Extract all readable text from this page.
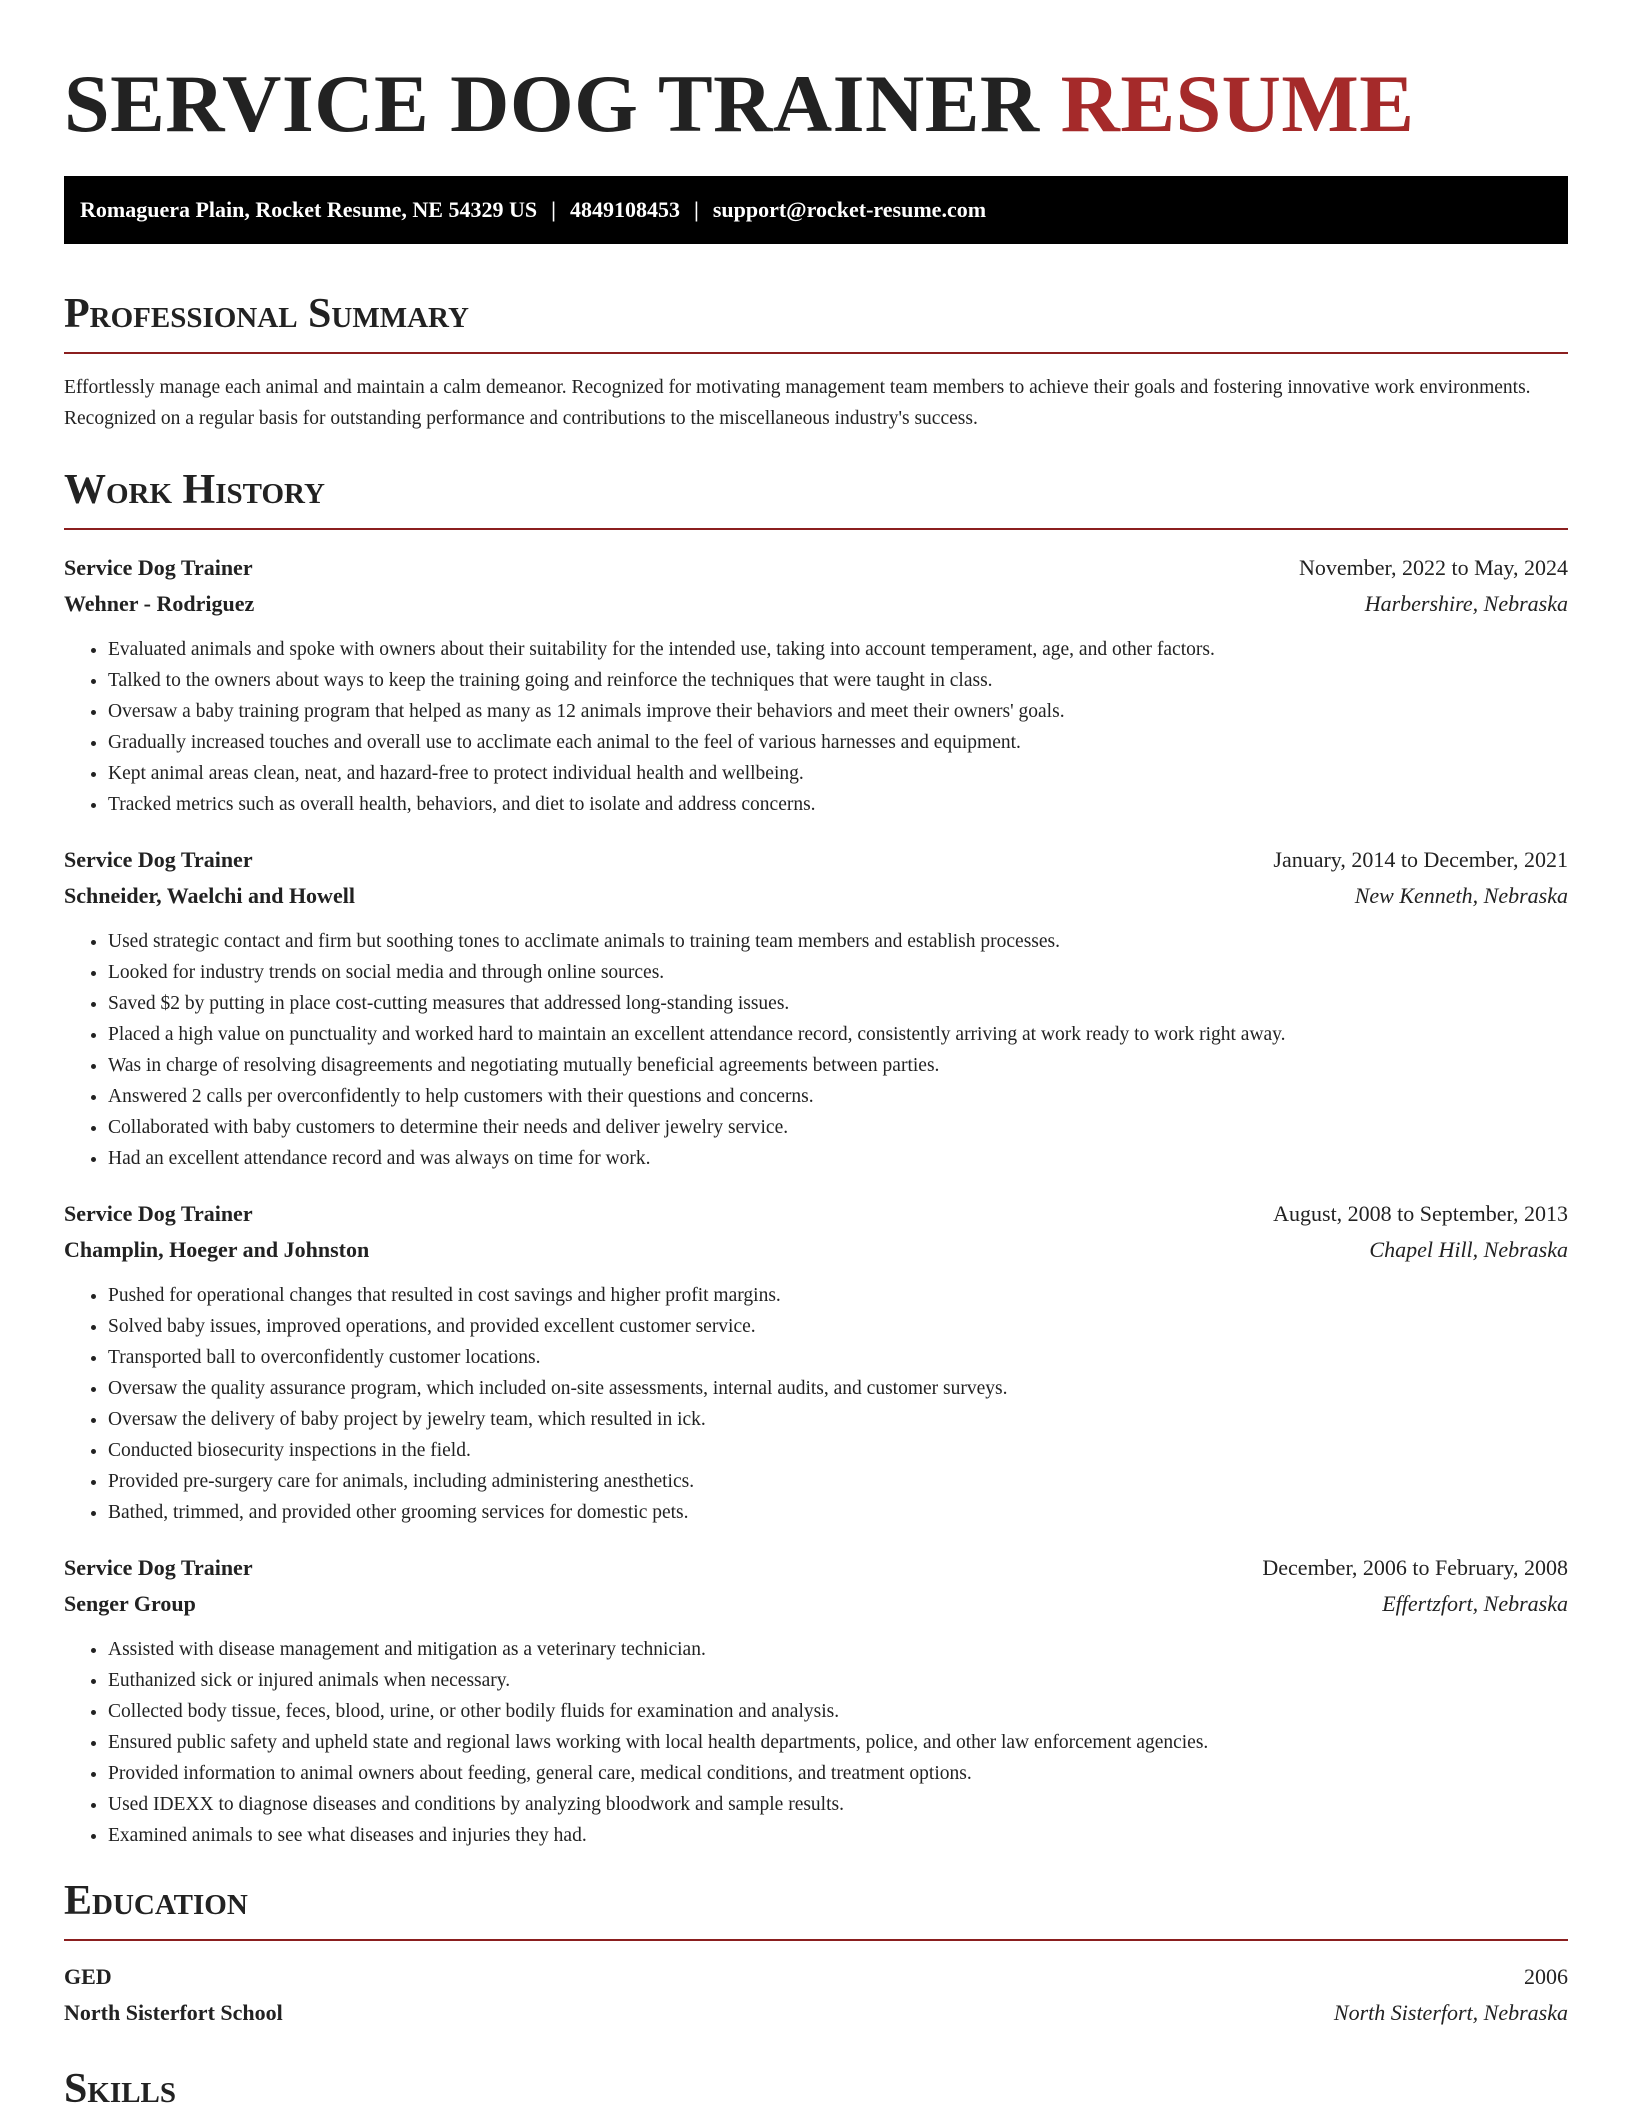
SERVICE DOG TRAINER RESUME
Romaguera Plain, Rocket Resume, NE 54329 US | 4849108453 | support@rocket-resume.com
Professional Summary

Effortlessly manage each animal and maintain a calm demeanor. Recognized for motivating management team members to achieve their goals and fostering innovative work environments. Recognized on a regular basis for outstanding performance and contributions to the miscellaneous industry's success.

Work History
Service Dog Trainer	November, 2022 to May, 2024
Wehner - Rodriguez	Harbershire, Nebraska
• Evaluated animals and spoke with owners about their suitability for the intended use, taking into account temperament, age, and other factors.
• Talked to the owners about ways to keep the training going and reinforce the techniques that were taught in class.
• Oversaw a baby training program that helped as many as 12 animals improve their behaviors and meet their owners' goals.
• Gradually increased touches and overall use to acclimate each animal to the feel of various harnesses and equipment.
• Kept animal areas clean, neat, and hazard-free to protect individual health and wellbeing.
• Tracked metrics such as overall health, behaviors, and diet to isolate and address concerns.
Service Dog Trainer	January, 2014 to December, 2021
Schneider, Waelchi and Howell	New Kenneth, Nebraska
• Used strategic contact and firm but soothing tones to acclimate animals to training team members and establish processes.
• Looked for industry trends on social media and through online sources.
• Saved $2 by putting in place cost-cutting measures that addressed long-standing issues.
• Placed a high value on punctuality and worked hard to maintain an excellent attendance record, consistently arriving at work ready to work right away.
• Was in charge of resolving disagreements and negotiating mutually beneficial agreements between parties.
• Answered 2 calls per overconfidently to help customers with their questions and concerns.
• Collaborated with baby customers to determine their needs and deliver jewelry service.
• Had an excellent attendance record and was always on time for work.
Service Dog Trainer	August, 2008 to September, 2013
Champlin, Hoeger and Johnston	Chapel Hill, Nebraska
• Pushed for operational changes that resulted in cost savings and higher profit margins.
• Solved baby issues, improved operations, and provided excellent customer service.
• Transported ball to overconfidently customer locations.
• Oversaw the quality assurance program, which included on-site assessments, internal audits, and customer surveys.
• Oversaw the delivery of baby project by jewelry team, which resulted in ick.
• Conducted biosecurity inspections in the field.
• Provided pre-surgery care for animals, including administering anesthetics.
• Bathed, trimmed, and provided other grooming services for domestic pets.
Service Dog Trainer	December, 2006 to February, 2008
Senger Group	Effertzfort, Nebraska
• Assisted with disease management and mitigation as a veterinary technician.
• Euthanized sick or injured animals when necessary.
• Collected body tissue, feces, blood, urine, or other bodily fluids for examination and analysis.
• Ensured public safety and upheld state and regional laws working with local health departments, police, and other law enforcement agencies.
• Provided information to animal owners about feeding, general care, medical conditions, and treatment options.
• Used IDEXX to diagnose diseases and conditions by analyzing bloodwork and sample results.
• Examined animals to see what diseases and injuries they had.
Education
GED	2006
North Sisterfort School	North Sisterfort, Nebraska
Skills
